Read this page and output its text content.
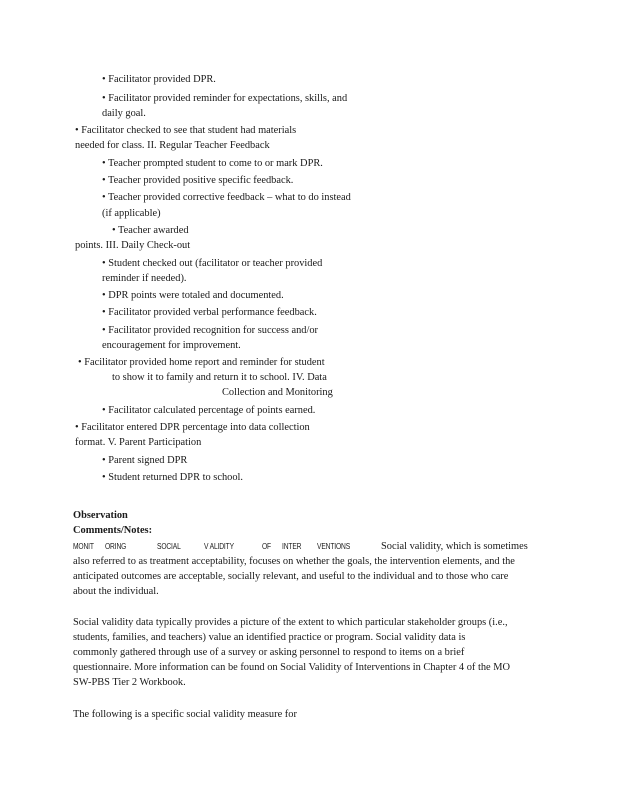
• Facilitator provided DPR.
• Facilitator provided reminder for expectations, skills, and
daily goal.
• Facilitator checked to see that student had materials
needed for class. II. Regular Teacher Feedback
• Teacher prompted student to come to or mark DPR.
• Teacher provided positive specific feedback.
• Teacher provided corrective feedback – what to do instead
(if applicable)
• Teacher awarded
points. III. Daily Check-out
• Student checked out (facilitator or teacher provided
reminder if needed).
• DPR points were totaled and documented.
• Facilitator provided verbal performance feedback.
• Facilitator provided recognition for success and/or
encouragement for improvement.
• Facilitator provided home report and reminder for student
to show it to family and return it to school. IV. Data
Collection and Monitoring
• Facilitator calculated percentage of points earned.
• Facilitator entered DPR percentage into data collection
format. V. Parent Participation
• Parent signed DPR
• Student returned DPR to school.
Observation
Comments/Notes:
MONIT ORING	SOCIAL	V ALIDITY	OF INTER VENTIONS	Social validity, which is sometimes
also referred to as treatment acceptability, focuses on whether the goals, the intervention elements, and the
anticipated outcomes are acceptable, socially relevant, and useful to the individual and to those who care
about the individual.
Social validity data typically provides a picture of the extent to which particular stakeholder groups (i.e.,
students, families, and teachers) value an identified practice or program. Social validity data is
commonly gathered through use of a survey or asking personnel to respond to items on a brief
questionnaire. More information can be found on Social Validity of Interventions in Chapter 4 of the MO
SW-PBS Tier 2 Workbook.
The following is a specific social validity measure for
